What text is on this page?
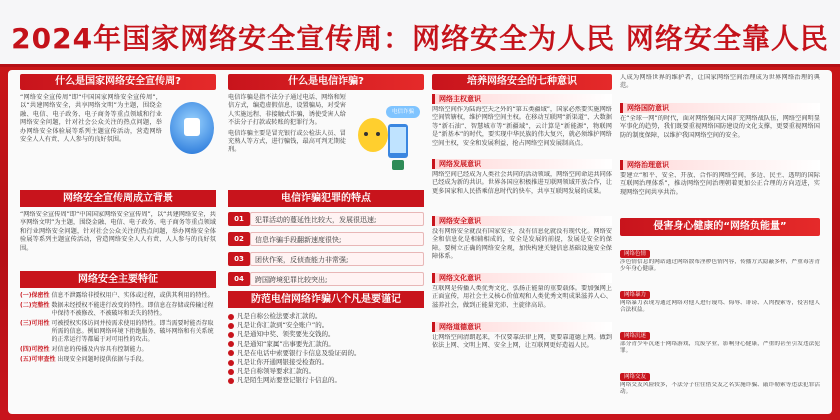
2024年国家网络安全宣传周：网络安全为人民 网络安全靠人民
什么是国家网络安全宣传周?
“网络安全宣传周”即“中国国家网络安全宣传周”，以“共建网络安全，共享网络文明”为主题，围绕金融、电信、电子政务、电子商务等重点领域和行业网络安全问题，针对社会公众关注的热点问题，举办网络安全体验展等系列主题宣传活动，营造网络安全人人有责、人人参与的良好氛围。
网络安全宣传周成立背景
“网络安全宣传周”即“中国国家网络安全宣传周”，以“共建网络安全，共享网络文明”为主题，围绕金融、电信、电子政务、电子商务等重点领域和行业网络安全问题，针对社会公众关注的热点问题，举办网络安全体验展等系列主题宣传活动，营造网络安全人人有责、人人参与的良好氛围。
网络安全主要特征
(一)保密性 信息不泄露给非授权用户、实体或过程，或供其利用的特性。
(二)完整性 数据未经授权不能进行改变的特性。即信息在存储或传输过程中保持不被修改、不被破坏和丢失的特性。
(三)可用性 可被授权实体访问并按需求使用的特性。即当需要时能否存取所需的信息。例如网络环境下拒绝服务、破坏网络和有关系统的正常运行等都属于对可用性的攻击。
(四)可控性 对信息的传播及内容具有控制能力。
(五)可审查性 出现安全问题时提供依据与手段。
什么是电信诈骗?

电信诈骗是指不法分子通过电话、网络和短信方式，编造虚假信息，设置骗局，对受害人实施远程、非接触式诈骗，诱使受害人给不法分子打款或转账的犯罪行为。

电信诈骗主要是冒充银行或公检法人员、冒充熟人等方式，进行骗钱，最高可判无期徒刑。

电信诈骗
电信诈骗犯罪的特点
01	犯罪活动的蔓延性比较大，发展很迅速;
02	信息诈骗手段翻新速度很快;
03	团伙作案，反侦查能力非常强;
04	跨国跨境犯罪比较突出;
防范电信网络诈骗八个凡是要谨记
凡是自称公检法要求汇款的。
凡是让你汇款到“安全账户”的。
凡是通知中奖、领奖要先交钱的。
凡是通知“家属”出事要先汇款的。
凡是在电话中索要银行卡信息及验证码的。
凡是让你开通网银接受检查的。
凡是自称领导要求汇款的。
凡是陌生网站要登记银行卡信息的。
培养网络安全的七种意识
网络主权意识
网络空间作为陆海空天之外的“第五类疆域”，国家必然要实施网络空间管辖权，维护网络空间主权。在移动互联网“新渠道”、大数据等“新石油”、智慧城市等“新疆域”，云计算是“新能源”，物联网是“新基本”的时代，要实现中华民族的伟大复兴，就必须维护网络空间主权，安全和发展利益，抢占网络空间发展制高点。
网络发展意识
网络空间已经成为人类社会共同的活动领域，网络空间命运共同体已经成为新的共识。世界各国应积极推进互联网领域开放合作，让更多国家和人民搭乘信息时代的快车，共享互联网发展的成果。
网络安全意识
没有网络安全就没有国家安全，没有信息化就没有现代化。网络安全和信息化是相辅相成的，安全是发展的前提，发展是安全的保障。要树立正确的网络安全观，加快构建关键信息基础设施安全保障体系。
网络文化意识
互联网是传播人类优秀文化、弘扬正能量的重要载体。要加强网上正面宣传，用社会主义核心价值观和人类优秀文明成果滋养人心、滋养社会，做到正能量充沛、主旋律高昂。
网络道德意识
让网络空间清朗起来，不仅要靠法律上网，更要靠道德上网。做到依法上网、文明上网、安全上网，让互联网更好造福人民。
人成为网络世界的维护者，让国家网络空间治理成为世界网络治理的典范。
网络国防意识
在“全球一网”的时代，面对网络强国大国扩充网络战队伍，网络空间明显军事化的趋势，我们既要重视网络国防建设的文化支撑，更要重视网络国防的制度保障，以维护我国网络空间的安全。
网络治理意识
要建立“和平、安全、开放、合作的网络空间，多边、民主、透明的国际互联网治理体系”，推动网络空间治理朝着更加公正合理的方向迈进，实现网络空间共享共治。
侵害身心健康的“网络负能量”
网络色情
涉色情信息的网站通过网络散布淫秽色情内容，传播方式隐蔽多样，严重毒害青少年身心健康。
网络暴力
网络暴力表现为通过网络对他人进行谩骂、侮辱、诽谤、人肉搜索等，侵害他人合法权益。
网络沉迷
部分青少年沉迷于网络游戏，荒废学业，影响身心健康，严重的甚至引发违法犯罪。
网络交友
网络交友风险较多，不法分子往往借交友之名实施诈骗、敲诈勒索等违法犯罪活动。
